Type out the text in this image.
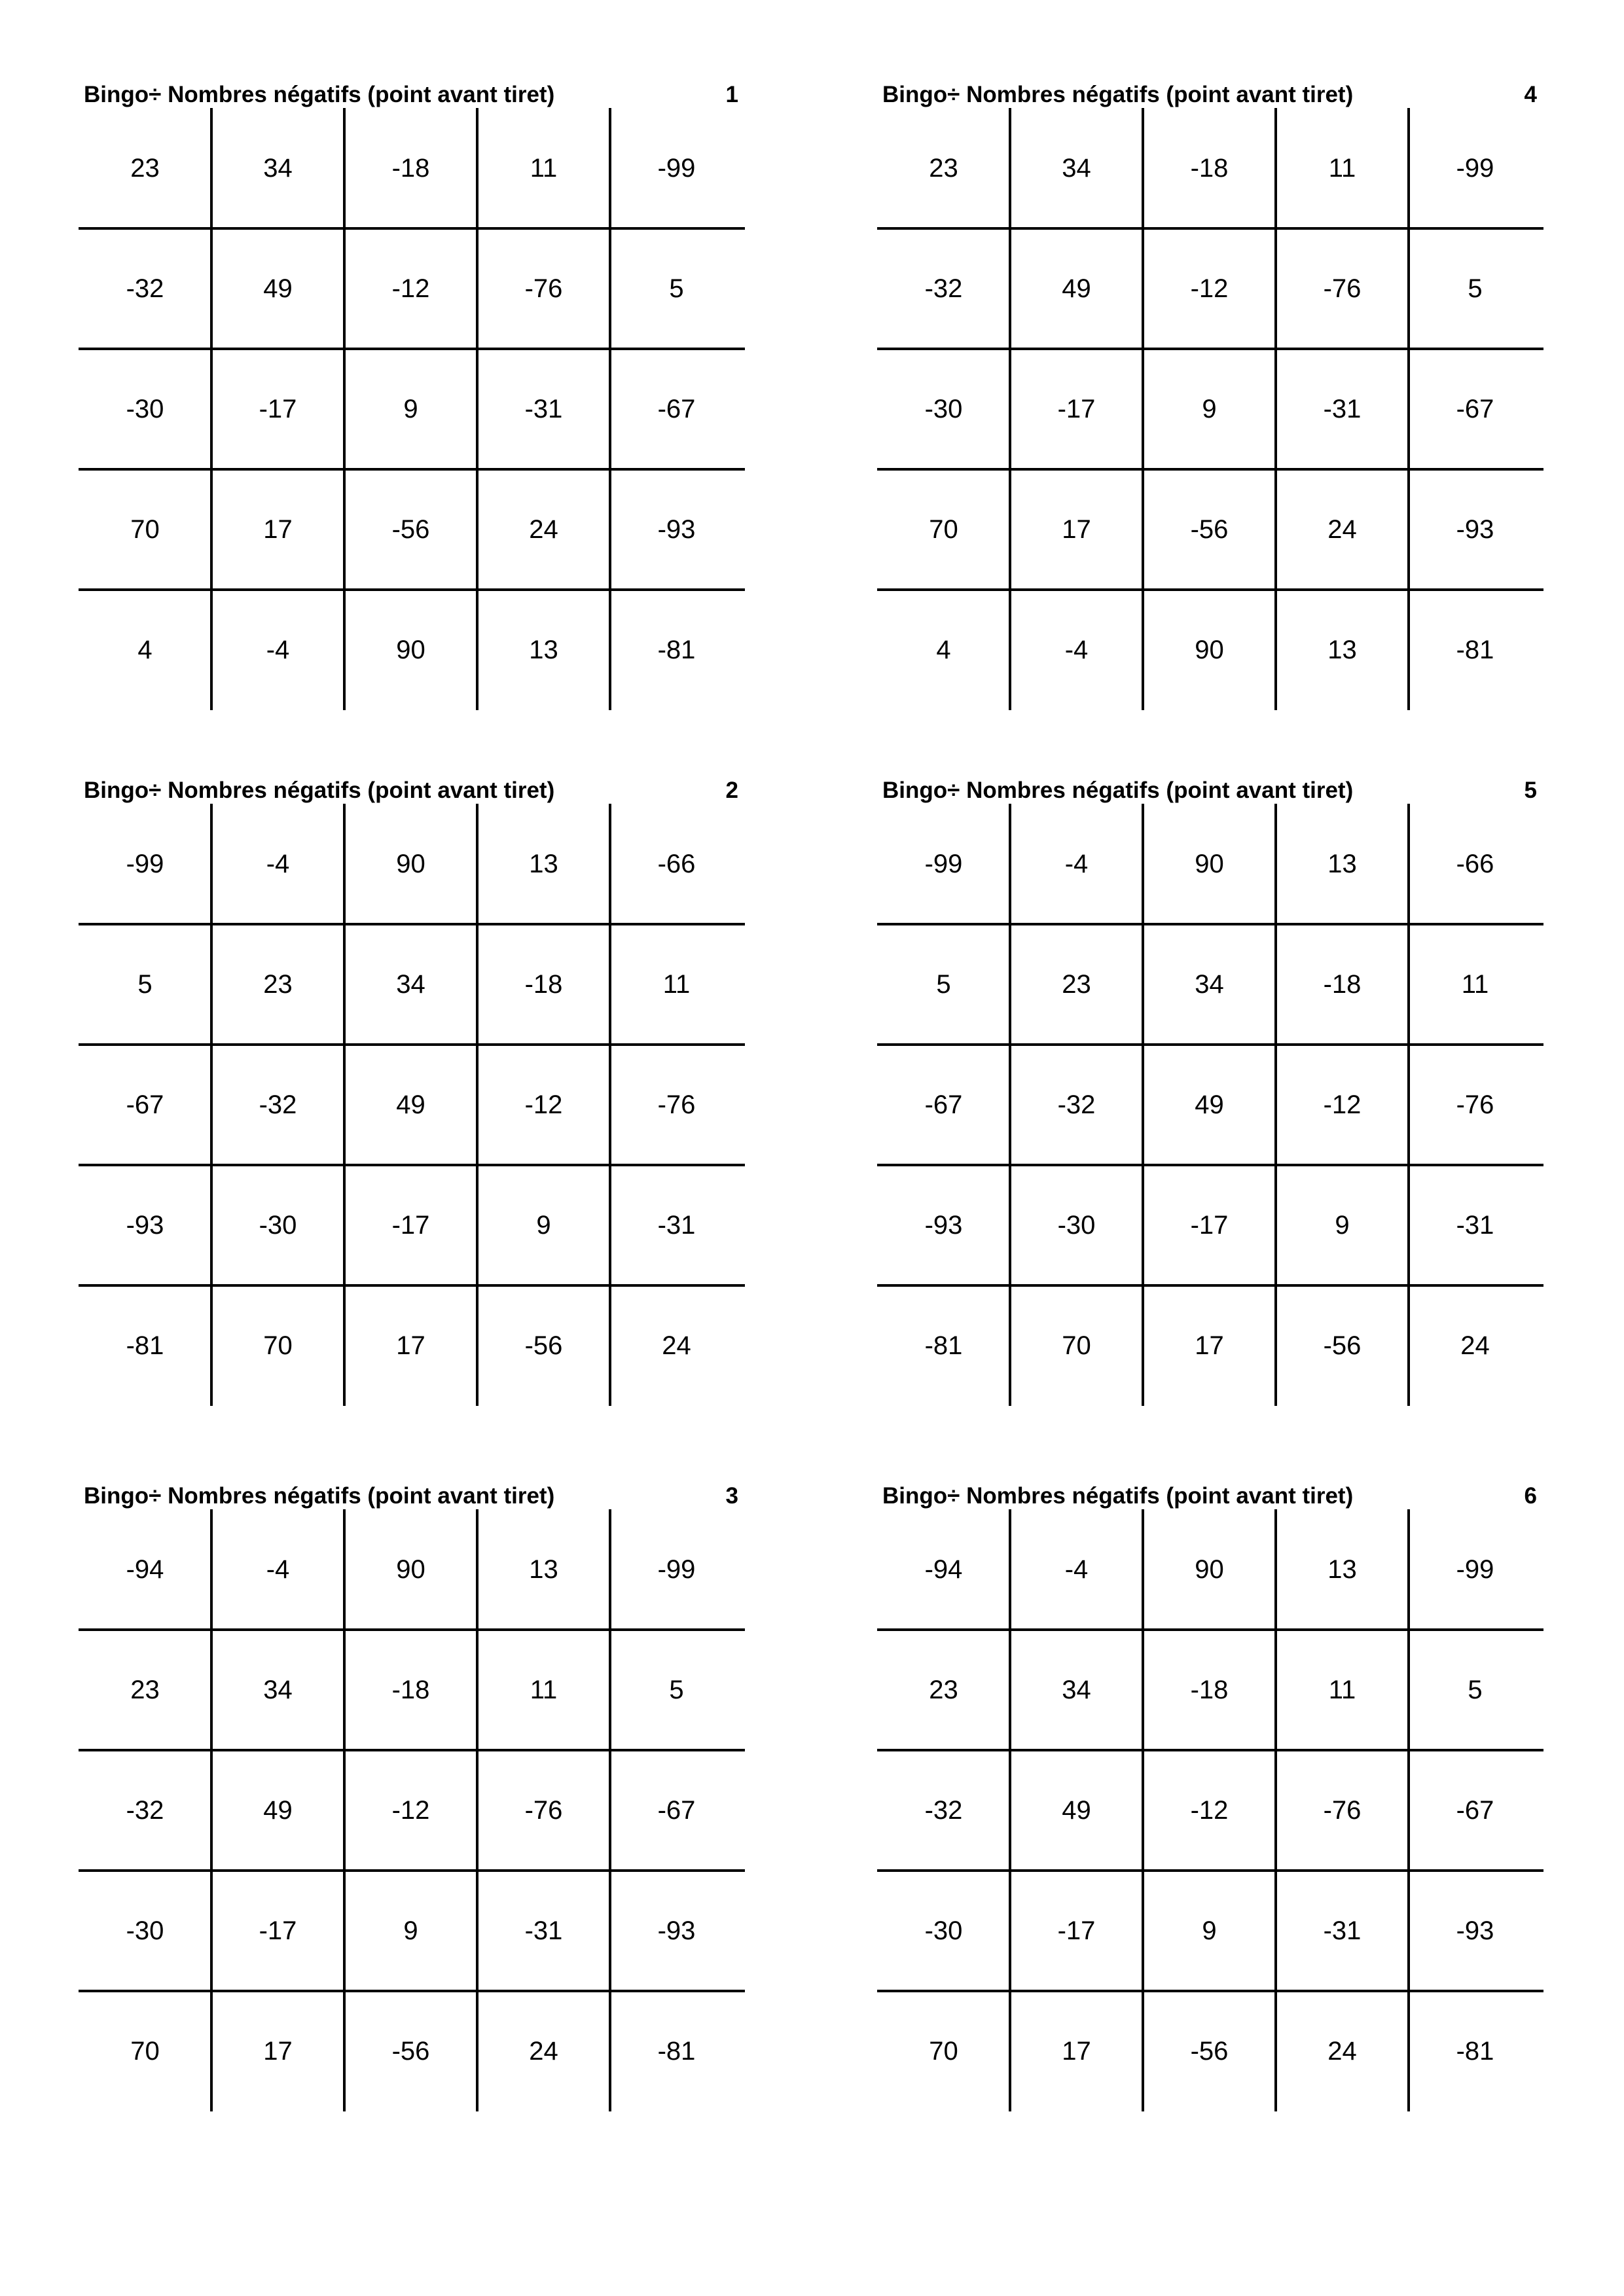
Bingo÷ Nombres négatifs (point avant tiret)	1
23	34	-18	11	-99
-32	49	-12	-76	5
-30	-17	9	-31	-67
70	17	-56	24	-93
4	-4	90	13	-81
Bingo÷ Nombres négatifs (point avant tiret)	4
23	34	-18	11	-99
-32	49	-12	-76	5
-30	-17	9	-31	-67
70	17	-56	24	-93
4	-4	90	13	-81
Bingo÷ Nombres négatifs (point avant tiret)	2
-99	-4	90	13	-66
5	23	34	-18	11
-67	-32	49	-12	-76
-93	-30	-17	9	-31
-81	70	17	-56	24
Bingo÷ Nombres négatifs (point avant tiret)	5
-99	-4	90	13	-66
5	23	34	-18	11
-67	-32	49	-12	-76
-93	-30	-17	9	-31
-81	70	17	-56	24
Bingo÷ Nombres négatifs (point avant tiret)	3
-94	-4	90	13	-99
23	34	-18	11	5
-32	49	-12	-76	-67
-30	-17	9	-31	-93
70	17	-56	24	-81
Bingo÷ Nombres négatifs (point avant tiret)	6
-94	-4	90	13	-99
23	34	-18	11	5
-32	49	-12	-76	-67
-30	-17	9	-31	-93
70	17	-56	24	-81
